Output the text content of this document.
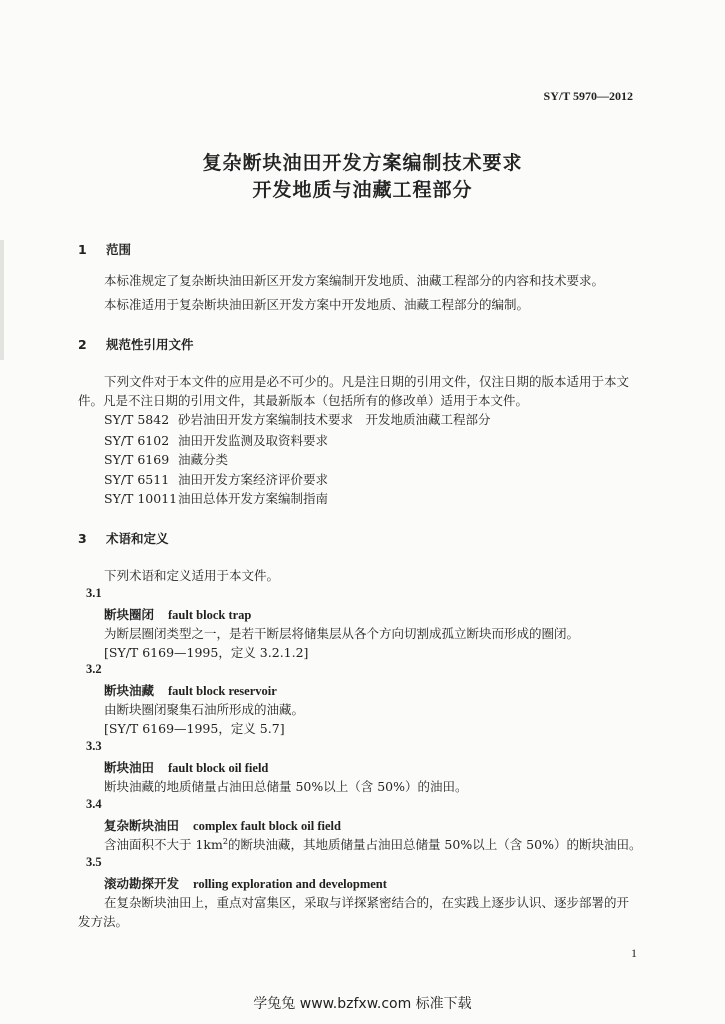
SY/T 5970—2012
复杂断块油田开发方案编制技术要求
开发地质与油藏工程部分
1 范围
本标准规定了复杂断块油田新区开发方案编制开发地质、油藏工程部分的内容和技术要求。
本标准适用于复杂断块油田新区开发方案中开发地质、油藏工程部分的编制。
2 规范性引用文件
下列文件对于本文件的应用是必不可少的。凡是注日期的引用文件，仅注日期的版本适用于本文
件。凡是不注日期的引用文件，其最新版本（包括所有的修改单）适用于本文件。
SY/T 5842 砂岩油田开发方案编制技术要求　开发地质油藏工程部分
SY/T 6102 油田开发监测及取资料要求
SY/T 6169 油藏分类
SY/T 6511 油田开发方案经济评价要求
SY/T 10011油田总体开发方案编制指南
3 术语和定义
下列术语和定义适用于本文件。
3.1
断块圈闭 fault block trap
为断层圈闭类型之一，是若干断层将储集层从各个方向切割成孤立断块而形成的圈闭。
[SY/T 6169—1995，定义 3.2.1.2]
3.2
断块油藏 fault block reservoir
由断块圈闭聚集石油所形成的油藏。
[SY/T 6169—1995，定义 5.7]
3.3
断块油田 fault block oil field
断块油藏的地质储量占油田总储量 50%以上（含 50%）的油田。
3.4
复杂断块油田 complex fault block oil field
含油面积不大于 $1km^2$的断块油藏，其地质储量占油田总储量 50%以上（含 50%）的断块油田。
3.5
滚动勘探开发 rolling exploration and development
在复杂断块油田上，重点对富集区，采取与详探紧密结合的，在实践上逐步认识、逐步部署的开
发方法。
1
学兔兔 www.bzfxw.com 标准下载
